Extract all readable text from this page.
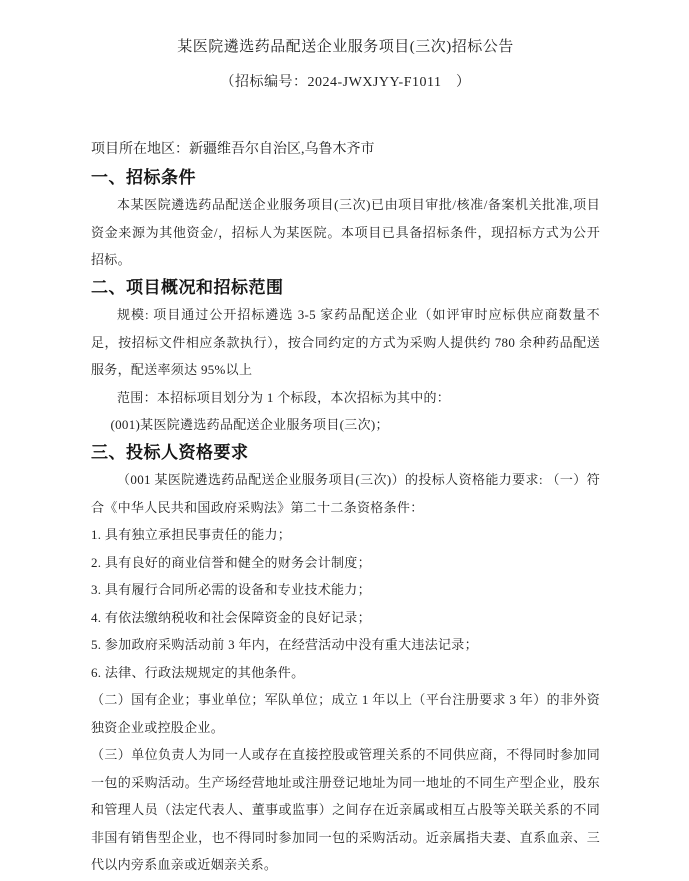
某医院遴选药品配送企业服务项目(三次)招标公告
（招标编号：2024-JWXJYY-F1011　）

项目所在地区：新疆维吾尔自治区,乌鲁木齐市

一、招标条件

本某医院遴选药品配送企业服务项目(三次)已由项目审批/核准/备案机关批准,项目资金来源为其他资金/，招标人为某医院。本项目已具备招标条件，现招标方式为公开招标。

二、项目概况和招标范围

规模: 项目通过公开招标遴选 3-5 家药品配送企业（如评审时应标供应商数量不足，按招标文件相应条款执行），按合同约定的方式为采购人提供约 780 余种药品配送服务，配送率须达 95%以上

范围：本招标项目划分为 1 个标段，本次招标为其中的：

(001)某医院遴选药品配送企业服务项目(三次)；

三、投标人资格要求

（001 某医院遴选药品配送企业服务项目(三次)）的投标人资格能力要求: （一）符合《中华人民共和国政府采购法》第二十二条资格条件：

1. 具有独立承担民事责任的能力；

2. 具有良好的商业信誉和健全的财务会计制度；

3. 具有履行合同所必需的设备和专业技术能力；

4. 有依法缴纳税收和社会保障资金的良好记录；

5. 参加政府采购活动前 3 年内，在经营活动中没有重大违法记录；

6. 法律、行政法规规定的其他条件。

（二）国有企业；事业单位；军队单位；成立 1 年以上（平台注册要求 3 年）的非外资独资企业或控股企业。

（三）单位负责人为同一人或存在直接控股或管理关系的不同供应商，不得同时参加同一包的采购活动。生产场经营地址或注册登记地址为同一地址的不同生产型企业，股东和管理人员（法定代表人、董事或监事）之间存在近亲属或相互占股等关联关系的不同非国有销售型企业，也不得同时参加同一包的采购活动。近亲属指夫妻、直系血亲、三代以内旁系血亲或近姻亲关系。
